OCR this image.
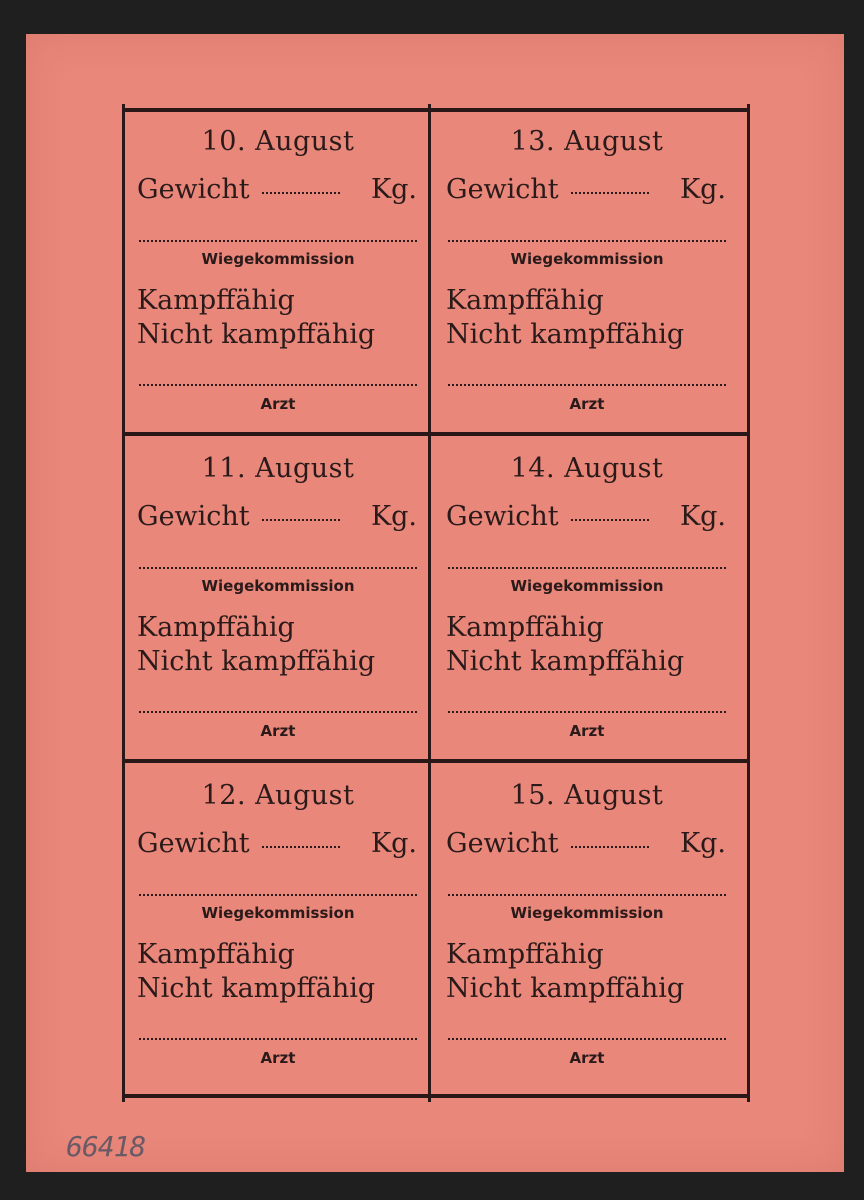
10. August
Gewicht	Kg.
Wiegekommission
Kampffähig
Nicht kampffähig
Arzt
13. August
Gewicht	Kg.
Wiegekommission
Kampffähig
Nicht kampffähig
Arzt
11. August
Gewicht	Kg.
Wiegekommission
Kampffähig
Nicht kampffähig
Arzt
14. August
Gewicht	Kg.
Wiegekommission
Kampffähig
Nicht kampffähig
Arzt
12. August
Gewicht	Kg.
Wiegekommission
Kampffähig
Nicht kampffähig
Arzt
15. August
Gewicht	Kg.
Wiegekommission
Kampffähig
Nicht kampffähig
Arzt
66418
